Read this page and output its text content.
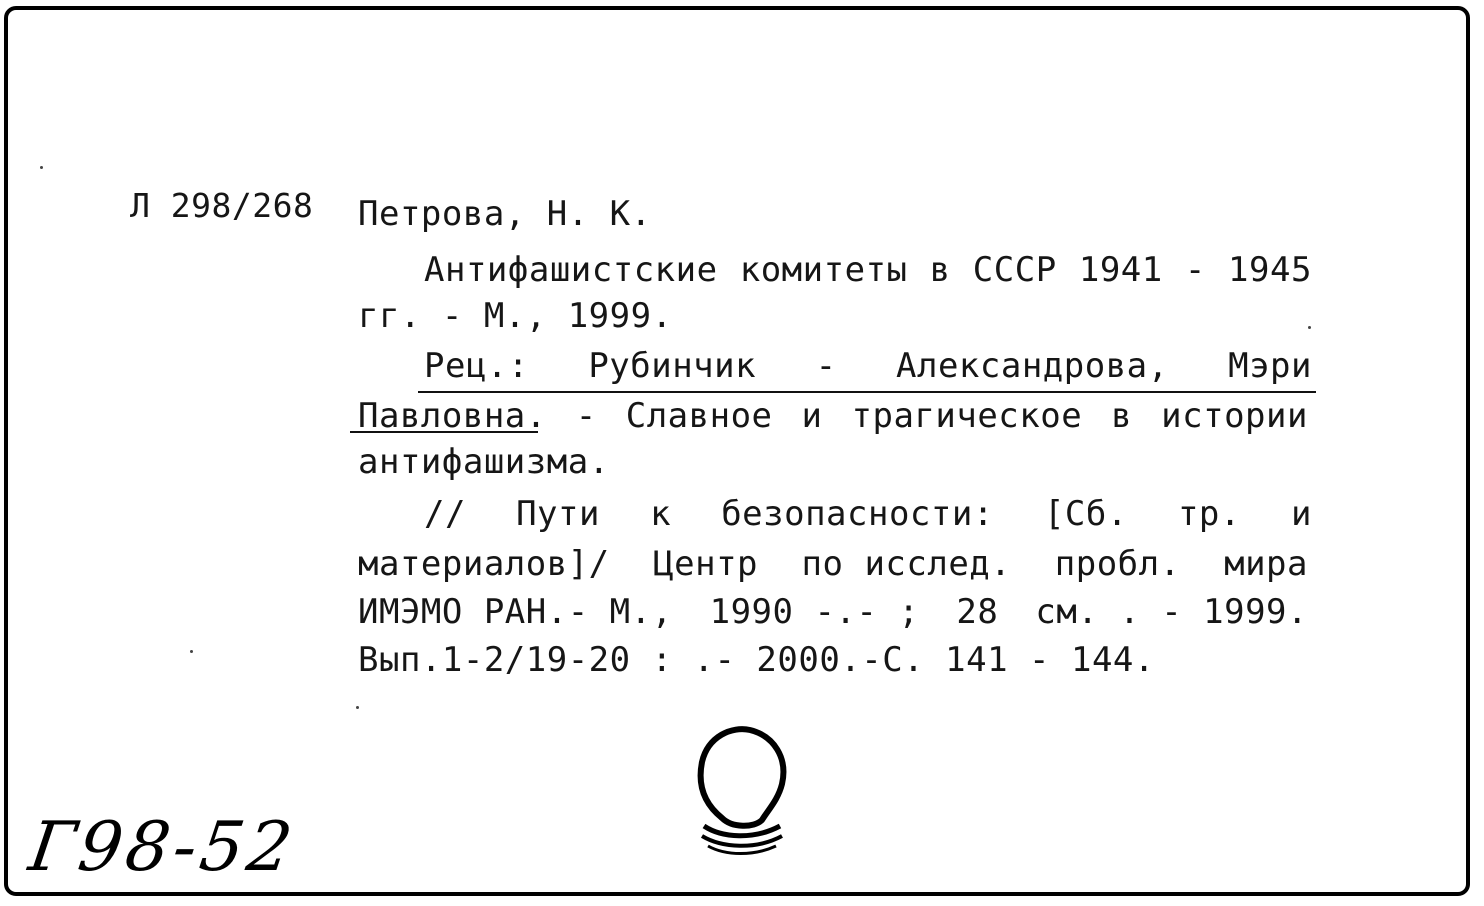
Л 298/268 Петрова, Н. К.
Антифашистские комитеты в СССР 1941 - 1945
гг. - М., 1999.
Рец.: Рубинчик - Александрова, Мэри
Павловна. - Славное и трагическое в истории
антифашизма.
// Пути к безопасности: [Сб. тр. и
материалов]/ Центр по исслед. пробл. мира
ИМЭМО РАН.- М., 1990 -.- ; 28 см. . - 1999.
Вып.1-2/19-20 : .- 2000.-С. 141 - 144.
Г98-52
